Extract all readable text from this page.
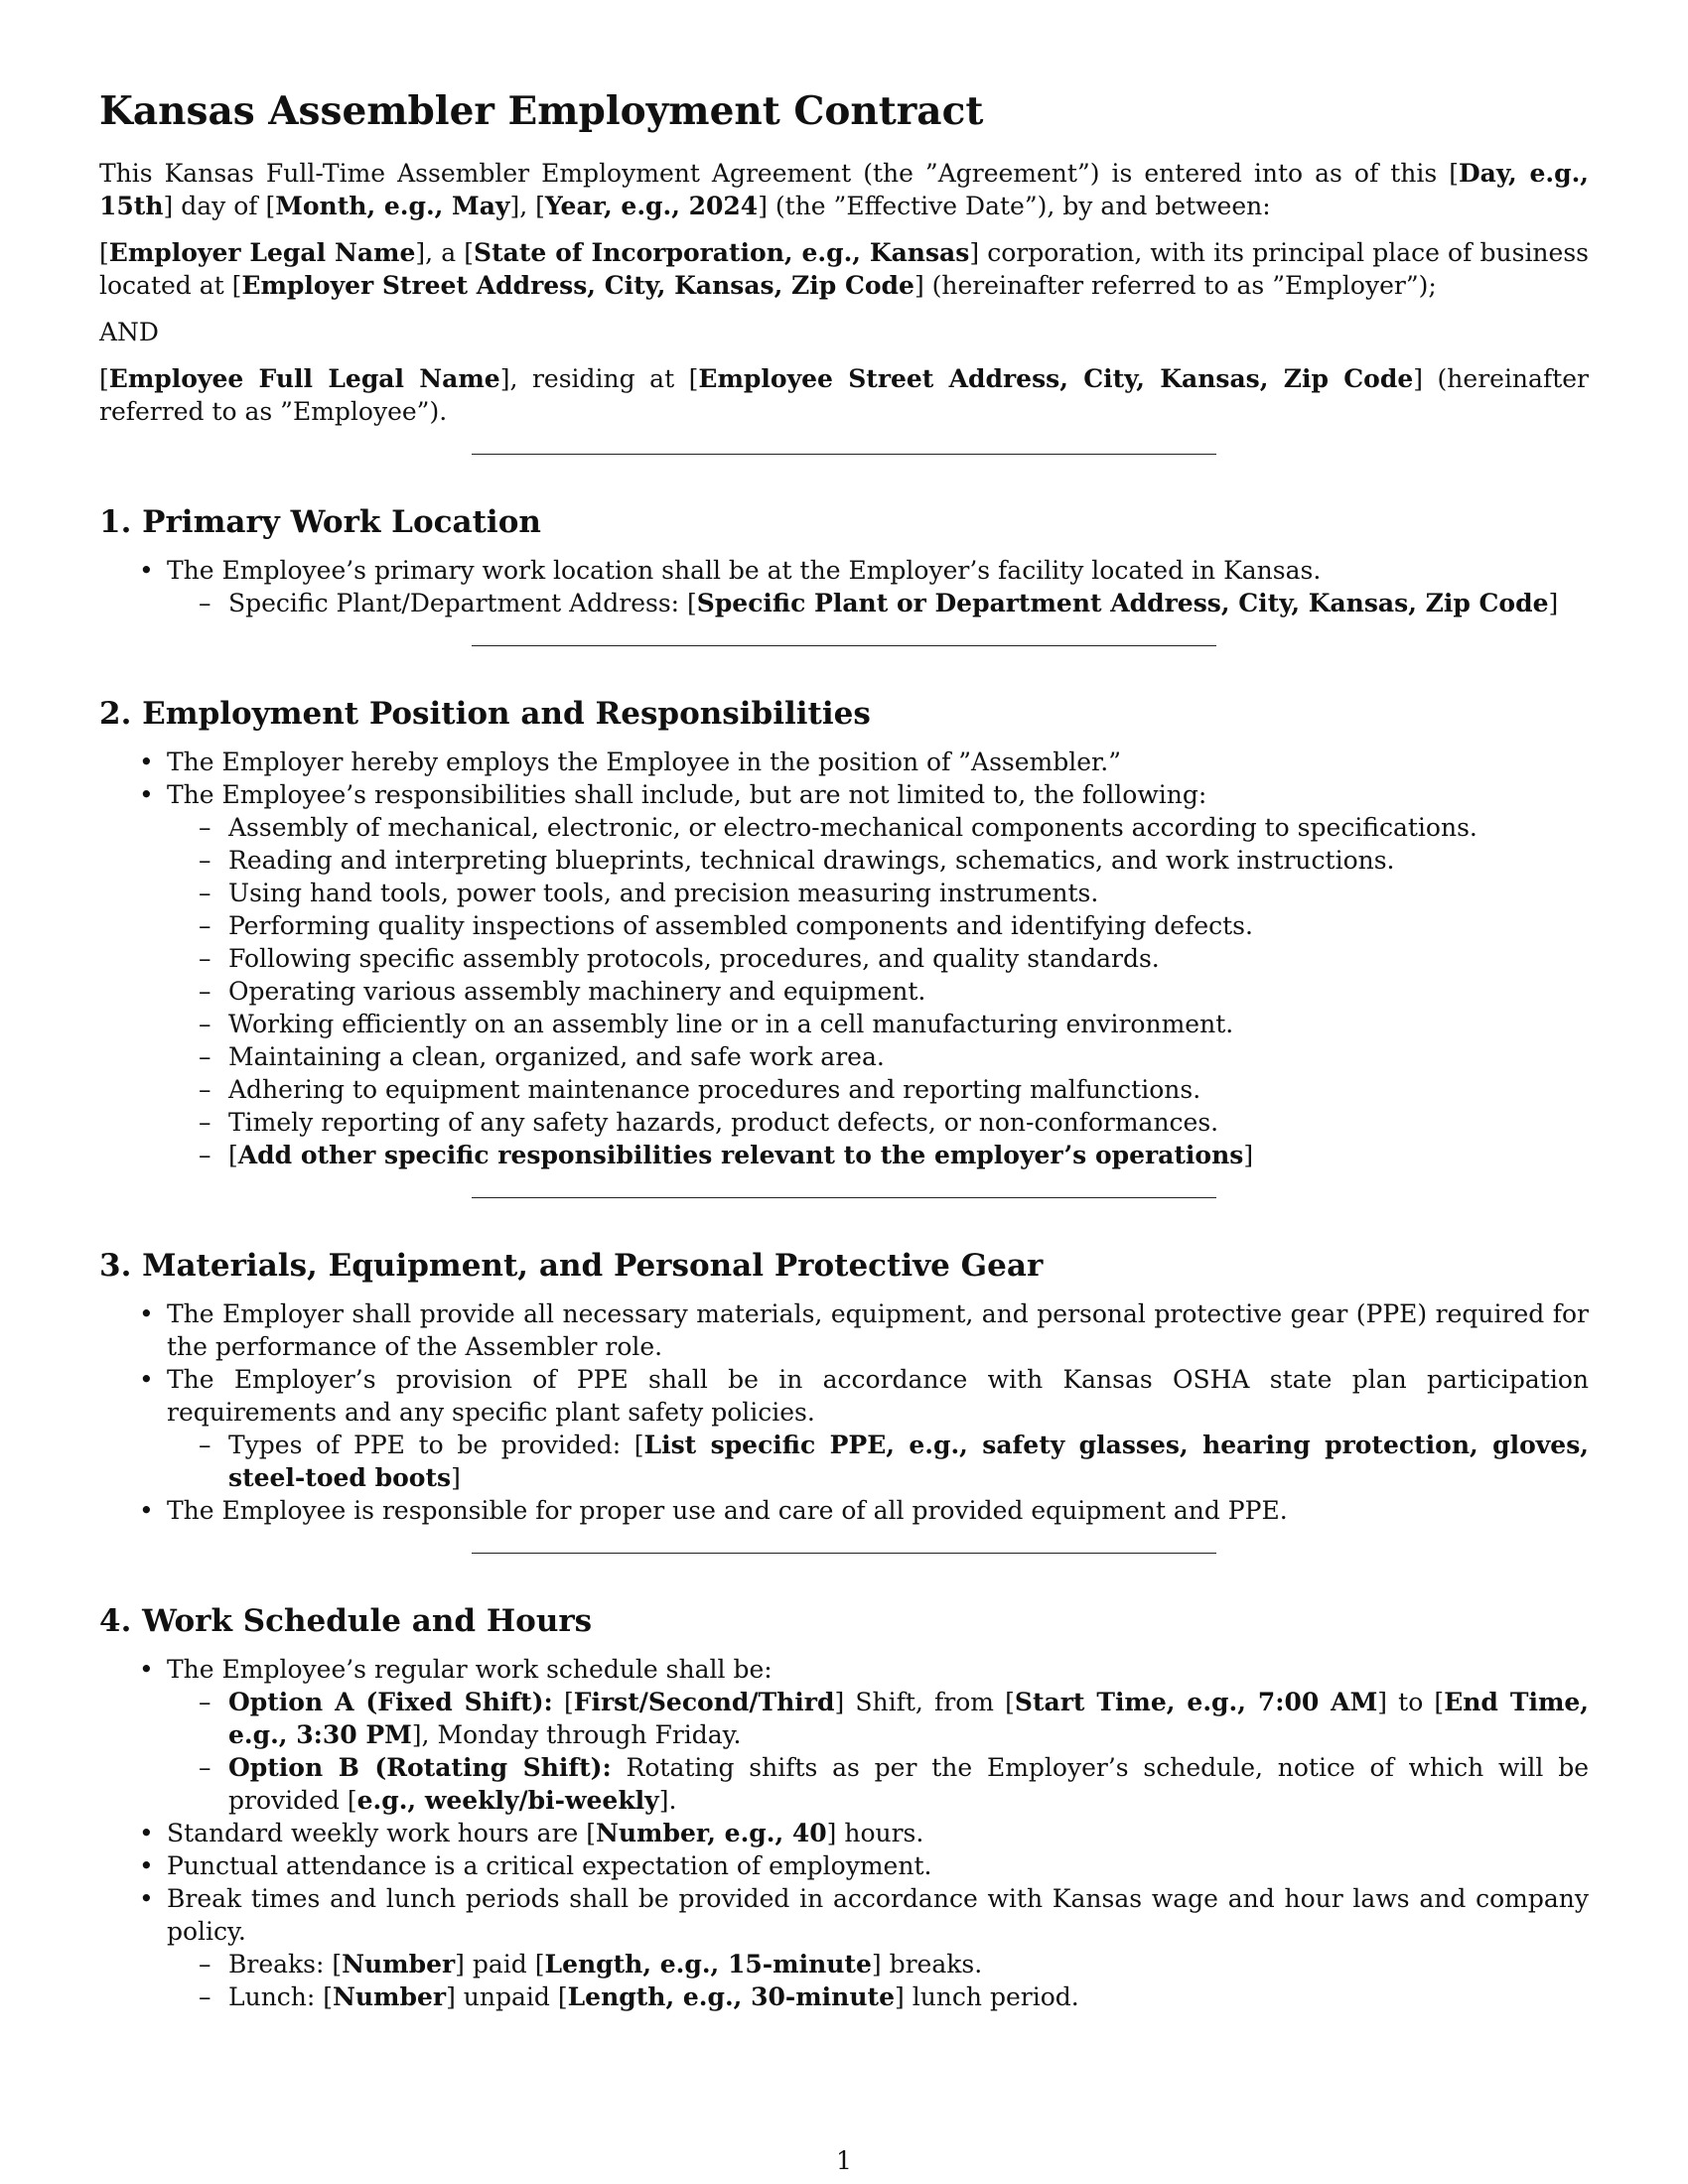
Kansas Assembler Employment Contract

This Kansas Full-Time Assembler Employment Agreement (the ”Agreement”) is entered into as of this [Day, e.g., 15th] day of [Month, e.g., May], [Year, e.g., 2024] (the ”Effective Date”), by and between:

[Employer Legal Name], a [State of Incorporation, e.g., Kansas] corporation, with its principal place of business located at [Employer Street Address, City, Kansas, Zip Code] (hereinafter referred to as ”Employer”);

AND

[Employee Full Legal Name], residing at [Employee Street Address, City, Kansas, Zip Code] (hereinafter referred to as ”Employee”).

1. Primary Work Location
• The Employee’s primary work location shall be at the Employer’s facility located in Kansas.
– Specific Plant/Department Address: [Specific Plant or Department Address, City, Kansas, Zip Code]
2. Employment Position and Responsibilities
• The Employer hereby employs the Employee in the position of ”Assembler.”
• The Employee’s responsibilities shall include, but are not limited to, the following:
– Assembly of mechanical, electronic, or electro-mechanical components according to specifications.
– Reading and interpreting blueprints, technical drawings, schematics, and work instructions.
– Using hand tools, power tools, and precision measuring instruments.
– Performing quality inspections of assembled components and identifying defects.
– Following specific assembly protocols, procedures, and quality standards.
– Operating various assembly machinery and equipment.
– Working efficiently on an assembly line or in a cell manufacturing environment.
– Maintaining a clean, organized, and safe work area.
– Adhering to equipment maintenance procedures and reporting malfunctions.
– Timely reporting of any safety hazards, product defects, or non-conformances.
– [Add other specific responsibilities relevant to the employer’s operations]
3. Materials, Equipment, and Personal Protective Gear
• The Employer shall provide all necessary materials, equipment, and personal protective gear (PPE) required for the performance of the Assembler role.
• The Employer’s provision of PPE shall be in accordance with Kansas OSHA state plan participation requirements and any specific plant safety policies.
– Types of PPE to be provided: [List specific PPE, e.g., safety glasses, hearing protection, gloves, steel-toed boots]
• The Employee is responsible for proper use and care of all provided equipment and PPE.
4. Work Schedule and Hours
• The Employee’s regular work schedule shall be:
– Option A (Fixed Shift): [First/Second/Third] Shift, from [Start Time, e.g., 7:00 AM] to [End Time, e.g., 3:30 PM], Monday through Friday.
– Option B (Rotating Shift): Rotating shifts as per the Employer’s schedule, notice of which will be provided [e.g., weekly/bi-weekly].
• Standard weekly work hours are [Number, e.g., 40] hours.
• Punctual attendance is a critical expectation of employment.
• Break times and lunch periods shall be provided in accordance with Kansas wage and hour laws and company policy.
– Breaks: [Number] paid [Length, e.g., 15-minute] breaks.
– Lunch: [Number] unpaid [Length, e.g., 30-minute] lunch period.
1
